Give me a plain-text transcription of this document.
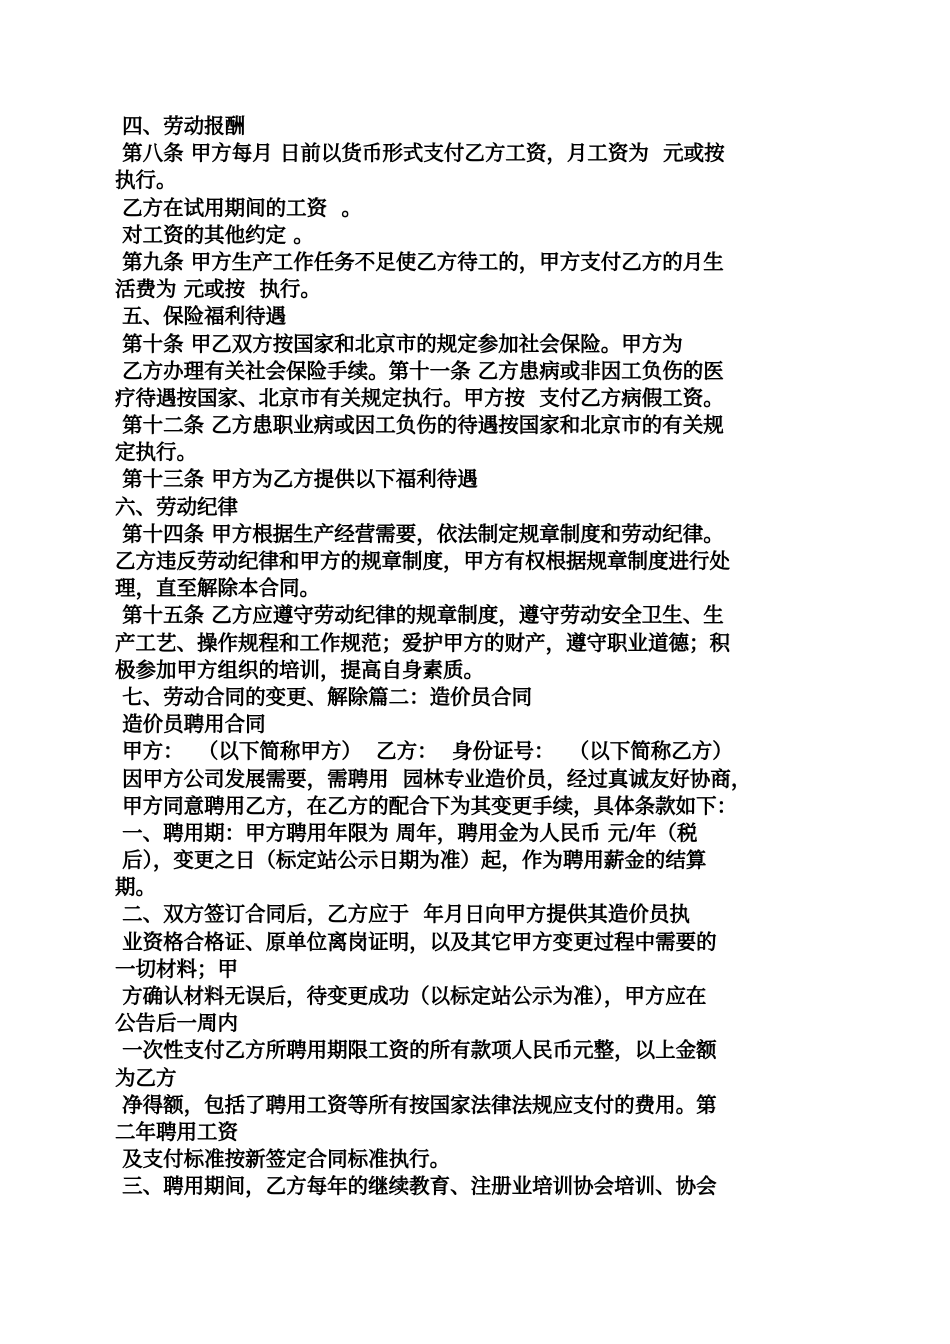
四、劳动报酬
第八条 甲方每月 日前以货币形式支付乙方工资，月工资为  元或按
执行。
乙方在试用期间的工资  。
对工资的其他约定 。
第九条 甲方生产工作任务不足使乙方待工的，甲方支付乙方的月生
活费为 元或按  执行。
五、保险福利待遇
第十条 甲乙双方按国家和北京市的规定参加社会保险。甲方为
乙方办理有关社会保险手续。第十一条 乙方患病或非因工负伤的医
疗待遇按国家、北京市有关规定执行。甲方按  支付乙方病假工资。
第十二条 乙方患职业病或因工负伤的待遇按国家和北京市的有关规
定执行。
第十三条 甲方为乙方提供以下福利待遇
六、劳动纪律
第十四条 甲方根据生产经营需要，依法制定规章制度和劳动纪律。
乙方违反劳动纪律和甲方的规章制度，甲方有权根据规章制度进行处
理，直至解除本合同。
第十五条 乙方应遵守劳动纪律的规章制度，遵守劳动安全卫生、生
产工艺、操作规程和工作规范；爱护甲方的财产，遵守职业道德；积
极参加甲方组织的培训，提高自身素质。
七、劳动合同的变更、解除篇二：造价员合同
造价员聘用合同
甲方：  （以下简称甲方）  乙方：  身份证号：  （以下简称乙方）
因甲方公司发展需要，需聘用  园林专业造价员，经过真诚友好协商，
甲方同意聘用乙方，在乙方的配合下为其变更手续，具体条款如下：
一、聘用期：甲方聘用年限为 周年，聘用金为人民币 元/年（税
后），变更之日（标定站公示日期为准）起，作为聘用薪金的结算
期。
二、双方签订合同后，乙方应于  年月日向甲方提供其造价员执
业资格合格证、原单位离岗证明，以及其它甲方变更过程中需要的
一切材料；甲
方确认材料无误后，待变更成功（以标定站公示为准），甲方应在
公告后一周内
一次性支付乙方所聘用期限工资的所有款项人民币元整，以上金额
为乙方
净得额，包括了聘用工资等所有按国家法律法规应支付的费用。第
二年聘用工资
及支付标准按新签定合同标准执行。
三、聘用期间，乙方每年的继续教育、注册业培训协会培训、协会
